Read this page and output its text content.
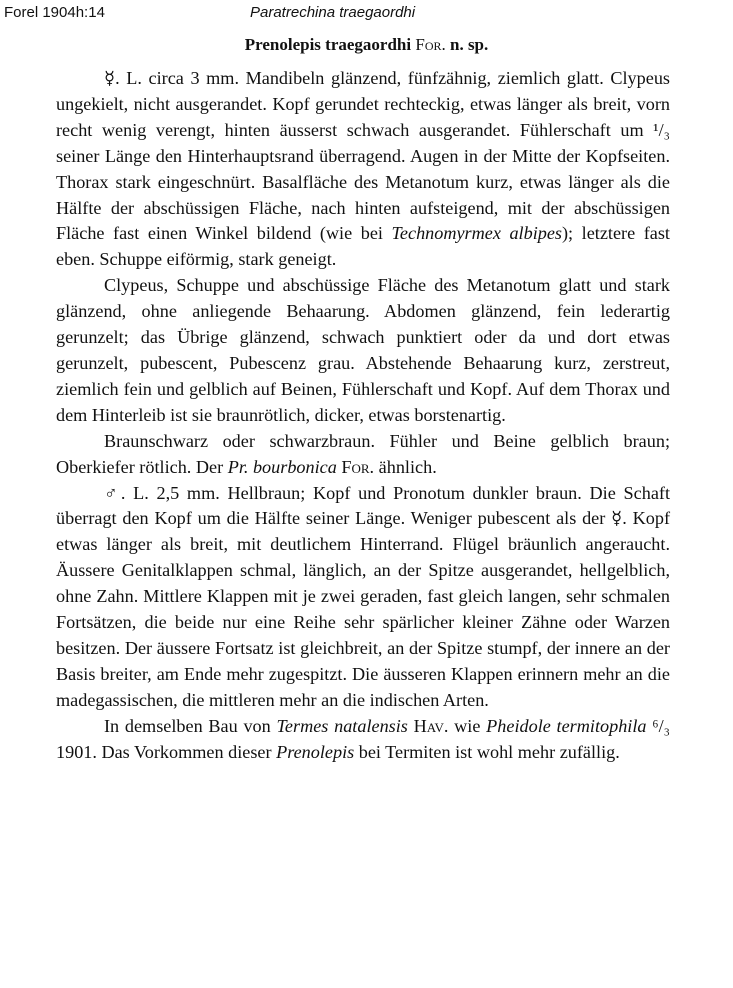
Forel 1904h:14	Paratrechina traegaordhi
Prenolepis traegaordhi For. n. sp.

☿. L. circa 3 mm. Mandibeln glänzend, fünfzähnig, ziemlich glatt. Clypeus ungekielt, nicht ausgerandet. Kopf gerundet rechteckig, etwas länger als breit, vorn recht wenig verengt, hinten äusserst schwach ausgerandet. Fühlerschaft um ¹/₃ seiner Länge den Hinterhauptsrand überragend. Augen in der Mitte der Kopfseiten. Thorax stark eingeschnürt. Basalfläche des Metanotum kurz, etwas länger als die Hälfte der abschüssigen Fläche, nach hinten aufsteigend, mit der abschüssigen Fläche fast einen Winkel bildend (wie bei Technomyrmex albipes); letztere fast eben. Schuppe eiförmig, stark geneigt.

Clypeus, Schuppe und abschüssige Fläche des Metanotum glatt und stark glänzend, ohne anliegende Behaarung. Abdomen glänzend, fein lederartig gerunzelt; das Übrige glänzend, schwach punktiert oder da und dort etwas gerunzelt, pubescent, Pubescenz grau. Abstehende Behaarung kurz, zerstreut, ziemlich fein und gelblich auf Beinen, Fühlerschaft und Kopf. Auf dem Thorax und dem Hinterleib ist sie braunrötlich, dicker, etwas borstenartig.

Braunschwarz oder schwarzbraun. Fühler und Beine gelblich braun; Oberkiefer rötlich. Der Pr. bourbonica For. ähnlich.

♂. L. 2,5 mm. Hellbraun; Kopf und Pronotum dunkler braun. Die Schaft überragt den Kopf um die Hälfte seiner Länge. Weniger pubescent als der ☿. Kopf etwas länger als breit, mit deutlichem Hinterrand. Flügel bräunlich angeraucht. Äussere Genitalklappen schmal, länglich, an der Spitze ausgerandet, hellgelblich, ohne Zahn. Mittlere Klappen mit je zwei geraden, fast gleich langen, sehr schmalen Fortsätzen, die beide nur eine Reihe sehr spärlicher kleiner Zähne oder Warzen besitzen. Der äussere Fortsatz ist gleichbreit, an der Spitze stumpf, der innere an der Basis breiter, am Ende mehr zugespitzt. Die äusseren Klappen erinnern mehr an die madegassischen, die mittleren mehr an die indischen Arten.

In demselben Bau von Termes natalensis Hav. wie Pheidole termitophila ⁶/₃ 1901. Das Vorkommen dieser Prenolepis bei Termiten ist wohl mehr zufällig.
